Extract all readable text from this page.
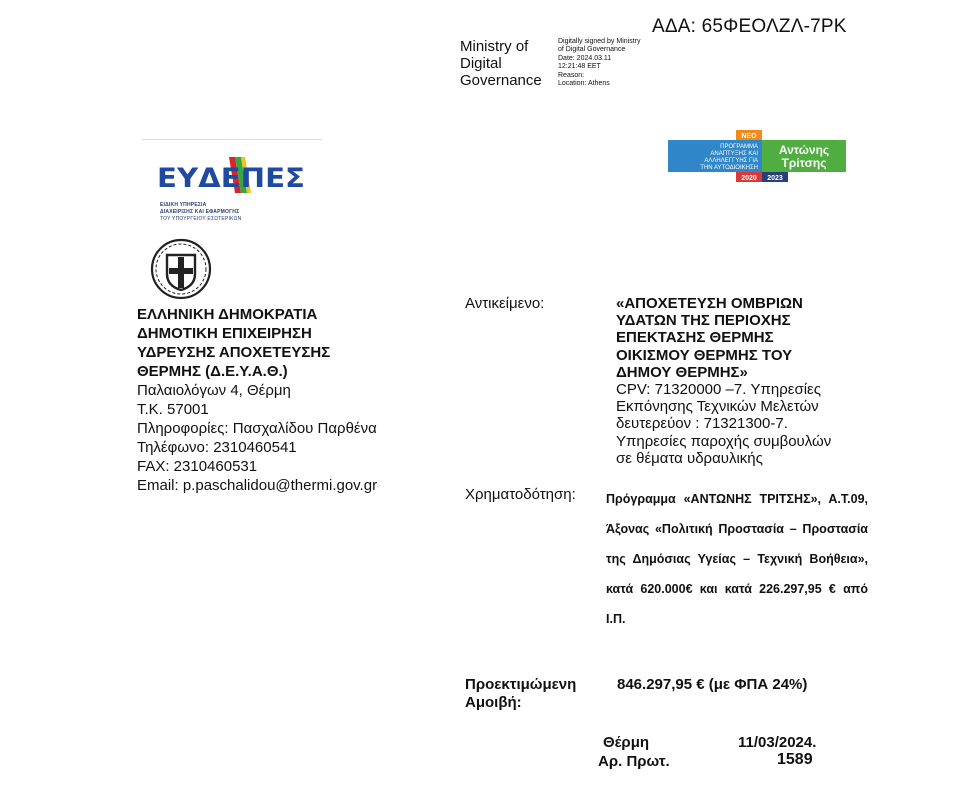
ΑΔΑ: 65ΦΕΟΛΖΛ-7ΡΚ
Ministry of
Digital
Governance
Digitally signed by Ministry
of Digital Governance
Date: 2024.03.11
12:21:48 EET
Reason:
Location: Athens
ΕΥΔΕΠΕΣ
ΕΙΔΙΚΗ ΥΠΗΡΕΣΙΑ
ΔΙΑΧΕΙΡΙΣΗΣ ΚΑΙ ΕΦΑΡΜΟΓΗΣ
ΤΟΥ ΥΠΟΥΡΓΕΙΟΥ ΕΣΩΤΕΡΙΚΩΝ
ΝΕΟ
ΠΡΟΓΡΑΜΜΑ
ΑΝΑΠΤΥΞΗΣ ΚΑΙ
ΑΛΛΗΛΕΓΓΥΗΣ ΓΙΑ
ΤΗΝ ΑΥΤΟΔΙΟΙΚΗΣΗ
Αντώνης
Τρίτσης
2020 2023
ΕΛΛΗΝΙΚΗ ΔΗΜΟΚΡΑΤΙΑ
ΔΗΜΟΤΙΚΗ ΕΠΙΧΕΙΡΗΣΗ
ΥΔΡΕΥΣΗΣ ΑΠΟΧΕΤΕΥΣΗΣ
ΘΕΡΜΗΣ (Δ.Ε.Υ.Α.Θ.)
Παλαιολόγων 4, Θέρμη
Τ.Κ. 57001
Πληροφορίες: Πασχαλίδου Παρθένα
Τηλέφωνο: 2310460541
FAX: 2310460531
Email: p.paschalidou@thermi.gov.gr
Αντικείμενο:	«ΑΠΟΧΕΤΕΥΣΗ ΟΜΒΡΙΩΝ
ΥΔΑΤΩΝ ΤΗΣ ΠΕΡΙΟΧΗΣ
ΕΠΕΚΤΑΣΗΣ ΘΕΡΜΗΣ
ΟΙΚΙΣΜΟΥ ΘΕΡΜΗΣ ΤΟΥ
ΔΗΜΟΥ ΘΕΡΜΗΣ»
CPV: 71320000 –7. Υπηρεσίες
Εκπόνησης Τεχνικών Μελετών
δευτερεύον : 71321300-7.
Υπηρεσίες παροχής συμβουλών
σε θέματα υδραυλικής
Χρηματοδότηση: Πρόγραμμα «ΑΝΤΩΝΗΣ ΤΡΙΤΣΗΣ», Α.Τ.09, Άξονας «Πολιτική Προστασία – Προστασία της Δημόσιας Υγείας – Τεχνική Βοήθεια», κατά 620.000€ και κατά 226.297,95 € από Ι.Π.
Προεκτιμώμενη
Αμοιβή:
846.297,95 € (με ΦΠΑ 24%)
Θέρμη	11/03/2024.
Αρ. Πρωτ.	1589
